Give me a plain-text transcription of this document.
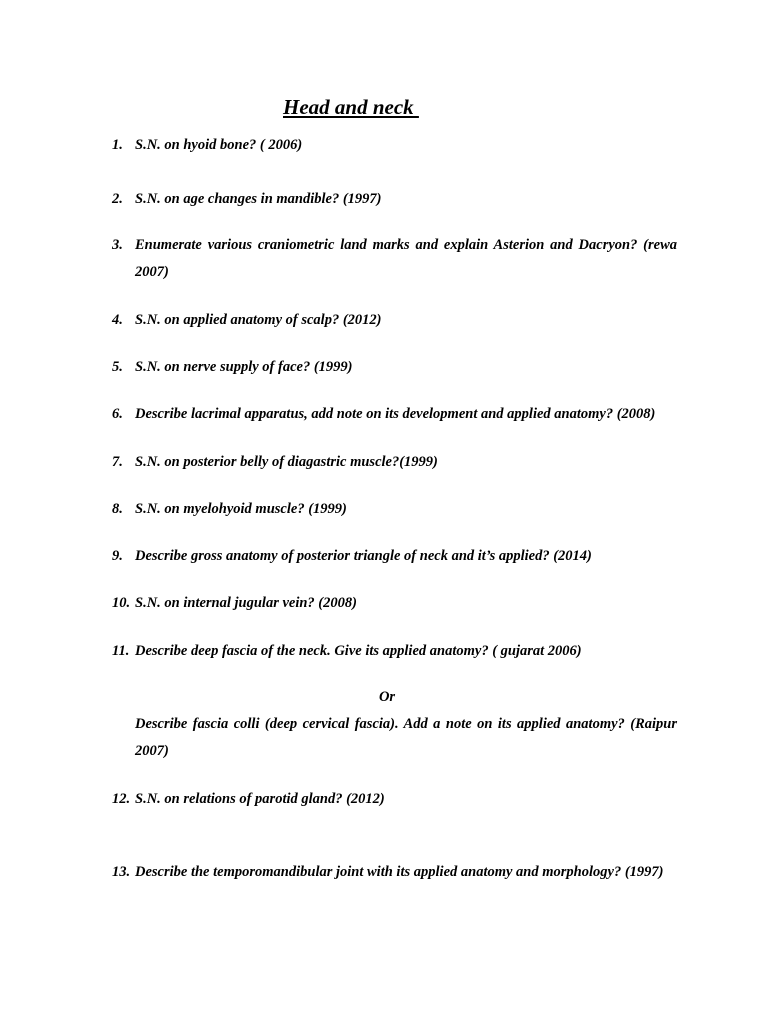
Head and neck
1. S.N. on hyoid bone? ( 2006)
2. S.N. on age changes in mandible? (1997)
3. Enumerate various craniometric land marks and explain Asterion and Dacryon? (rewa 2007)
4. S.N. on applied anatomy of scalp? (2012)
5. S.N. on nerve supply of face? (1999)
6. Describe lacrimal apparatus, add note on its development and applied anatomy? (2008)
7. S.N. on posterior belly of diagastric muscle?(1999)
8. S.N. on myelohyoid muscle? (1999)
9. Describe gross anatomy of posterior triangle of neck and it’s applied? (2014)
10. S.N. on internal jugular vein? (2008)
11. Describe deep fascia of the neck. Give its applied anatomy? ( gujarat 2006)
Or
Describe fascia colli (deep cervical fascia). Add a note on its applied anatomy? (Raipur 2007)
12. S.N. on relations of parotid gland? (2012)
13. Describe the temporomandibular joint with its applied anatomy and morphology? (1997)
